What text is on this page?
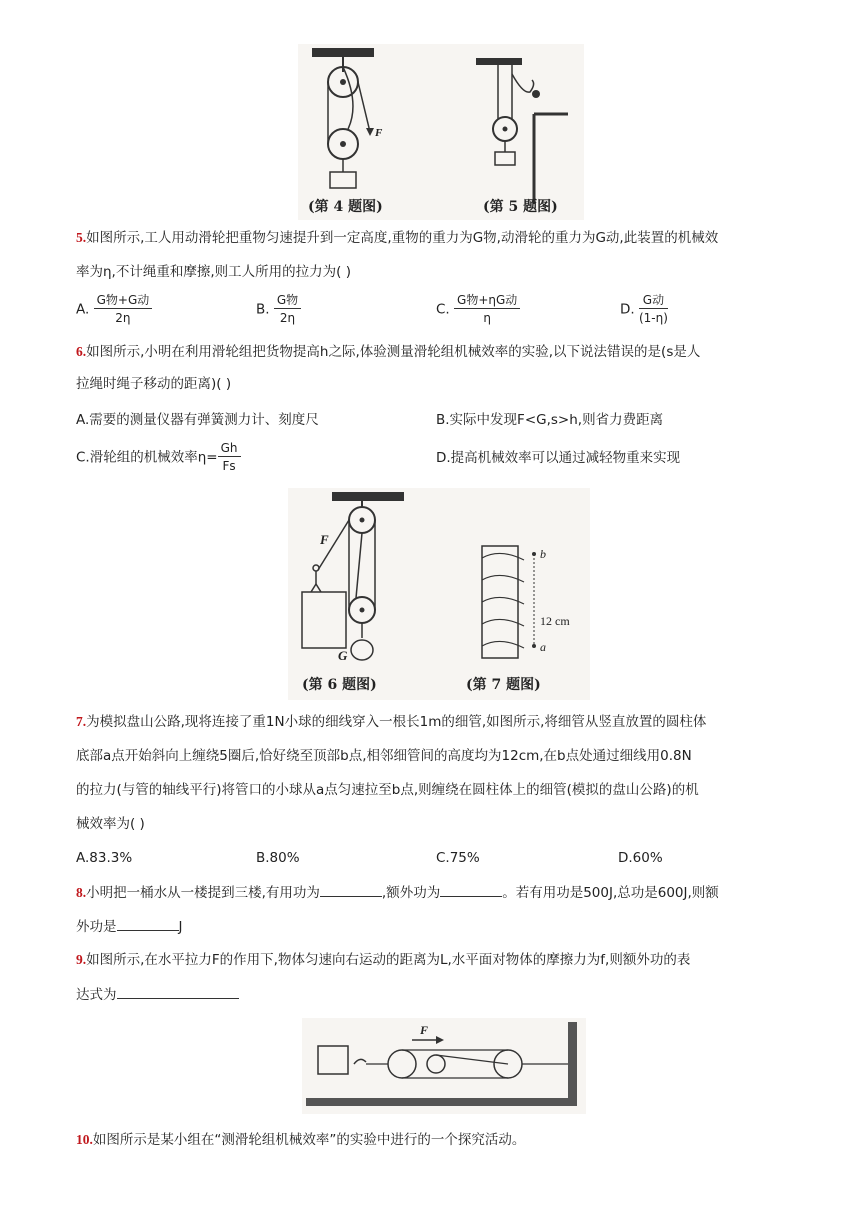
F
(第 4 题图)	(第 5 题图)
5.如图所示,工人用动滑轮把重物匀速提升到一定高度,重物的重力为G物,动滑轮的重力为G动,此装置的机械效
率为η,不计绳重和摩擦,则工人所用的拉力为( )
A. $\frac{\text{G物+G动}}{2\eta}$	B. $\frac{\text{G物}}{2\eta}$	C. $\frac{\text{G物+ηG动}}{\eta}$	D. $\frac{\text{G动}}{(1-\eta)}$
6.如图所示,小明在利用滑轮组把货物提高h之际,体验测量滑轮组机械效率的实验,以下说法错误的是(s是人
拉绳时绳子移动的距离)( )
A.需要的测量仪器有弹簧测力计、刻度尺	B.实际中发现F<G,s>h,则省力费距离
C.滑轮组的机械效率$\eta= \frac{Gh}{Fs}$	D.提高机械效率可以通过减轻物重来实现
F
G
b
a
12 cm
(第 6 题图)	(第 7 题图)
7.为模拟盘山公路,现将连接了重1N小球的细线穿入一根长1m的细管,如图所示,将细管从竖直放置的圆柱体
底部a点开始斜向上缠绕5圈后,恰好绕至顶部b点,相邻细管间的高度均为12cm,在b点处通过细线用0.8N
的拉力(与管的轴线平行)将管口的小球从a点匀速拉至b点,则缠绕在圆柱体上的细管(模拟的盘山公路)的机
械效率为( )
A.83.3%	B.80%	C.75%	D.60%
8.小明把一桶水从一楼提到三楼,有用功为	,额外功为	。若有用功是500J,总功是600J,则额
外功是	J
9.如图所示,在水平拉力F的作用下,物体匀速向右运动的距离为L,水平面对物体的摩擦力为f,则额外功的表
达式为
F
10.如图所示是某小组在“测滑轮组机械效率”的实验中进行的一个探究活动。
